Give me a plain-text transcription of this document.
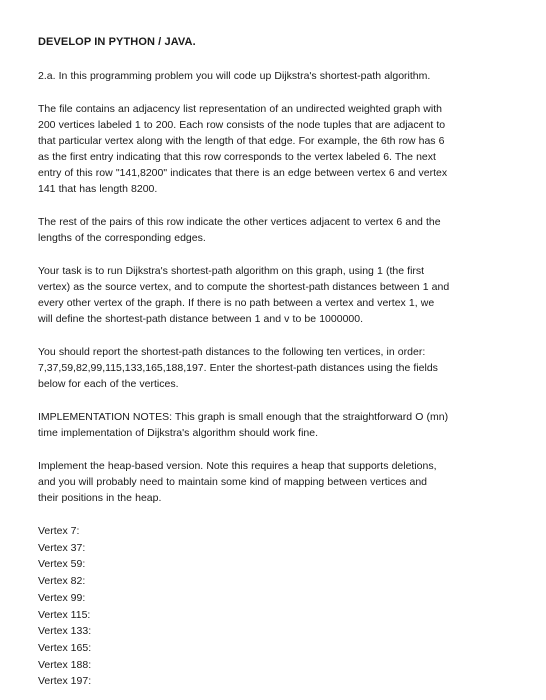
DEVELOP IN PYTHON / JAVA.
2.a. In this programming problem you will code up Dijkstra's shortest-path algorithm.
The file contains an adjacency list representation of an undirected weighted graph with
200 vertices labeled 1 to 200. Each row consists of the node tuples that are adjacent to
that particular vertex along with the length of that edge. For example, the 6th row has 6
as the first entry indicating that this row corresponds to the vertex labeled 6. The next
entry of this row "141,8200" indicates that there is an edge between vertex 6 and vertex
141 that has length 8200.
The rest of the pairs of this row indicate the other vertices adjacent to vertex 6 and the
lengths of the corresponding edges.
Your task is to run Dijkstra's shortest-path algorithm on this graph, using 1 (the first
vertex) as the source vertex, and to compute the shortest-path distances between 1 and
every other vertex of the graph. If there is no path between a vertex and vertex 1, we
will define the shortest-path distance between 1 and v to be 1000000.
You should report the shortest-path distances to the following ten vertices, in order:
7,37,59,82,99,115,133,165,188,197. Enter the shortest-path distances using the fields
below for each of the vertices.
IMPLEMENTATION NOTES: This graph is small enough that the straightforward O (mn)
time implementation of Dijkstra's algorithm should work fine.
Implement the heap-based version. Note this requires a heap that supports deletions,
and you will probably need to maintain some kind of mapping between vertices and
their positions in the heap.
Vertex 7:
Vertex 37:
Vertex 59:
Vertex 82:
Vertex 99:
Vertex 115:
Vertex 133:
Vertex 165:
Vertex 188:
Vertex 197:
